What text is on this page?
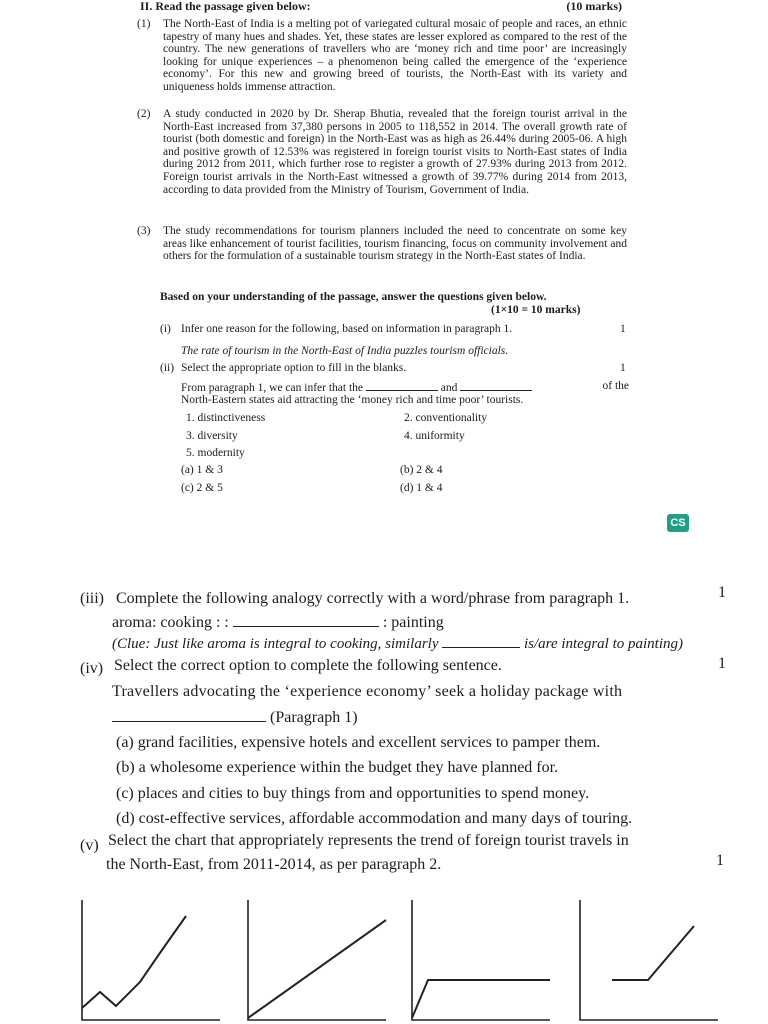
II. Read the passage given below:	(10 marks)
(1) The North-East of India is a melting pot of variegated cultural mosaic of people and races, an ethnic tapestry of many hues and shades. Yet, these states are lesser explored as compared to the rest of the country. The new generations of travellers who are ‘money rich and time poor’ are increasingly looking for unique experiences – a phenomenon being called the emergence of the ‘experience economy’. For this new and growing breed of tourists, the North-East with its variety and uniqueness holds immense attraction.
(2) A study conducted in 2020 by Dr. Sherap Bhutia, revealed that the foreign tourist arrival in the North-East increased from 37,380 persons in 2005 to 118,552 in 2014. The overall growth rate of tourist (both domestic and foreign) in the North-East was as high as 26.44% during 2005-06. A high and positive growth of 12.53% was registered in foreign tourist visits to North-East states of India during 2012 from 2011, which further rose to register a growth of 27.93% during 2013 from 2012. Foreign tourist arrivals in the North-East witnessed a growth of 39.77% during 2014 from 2013, according to data provided from the Ministry of Tourism, Government of India.
(3) The study recommendations for tourism planners included the need to concentrate on some key areas like enhancement of tourist facilities, tourism financing, focus on community involvement and others for the formulation of a sustainable tourism strategy in the North-East states of India.
Based on your understanding of the passage, answer the questions given below.
(1×10 = 10 marks)
(i) Infer one reason for the following, based on information in paragraph 1.	1
The rate of tourism in the North-East of India puzzles tourism officials.
(ii) Select the appropriate option to fill in the blanks.	1
From paragraph 1, we can infer that the	and	of the
North-Eastern states aid attracting the ‘money rich and time poor’ tourists.
1. distinctiveness	2. conventionality
3. diversity	4. uniformity
5. modernity
(a) 1 & 3	(b) 2 & 4
(c) 2 & 5	(d) 1 & 4
CS
(iii) Complete the following analogy correctly with a word/phrase from paragraph 1.	1
aroma: cooking : :	: painting
(Clue: Just like aroma is integral to cooking, similarly	is/are integral to painting)
(iv) Select the correct option to complete the following sentence.	1
Travellers advocating the ‘experience economy’ seek a holiday package with
(Paragraph 1)
(a) grand facilities, expensive hotels and excellent services to pamper them.
(b) a wholesome experience within the budget they have planned for.
(c) places and cities to buy things from and opportunities to spend money.
(d) cost-effective services, affordable accommodation and many days of touring.
(v) Select the chart that appropriately represents the trend of foreign tourist travels in
the North-East, from 2011-2014, as per paragraph 2.	1
